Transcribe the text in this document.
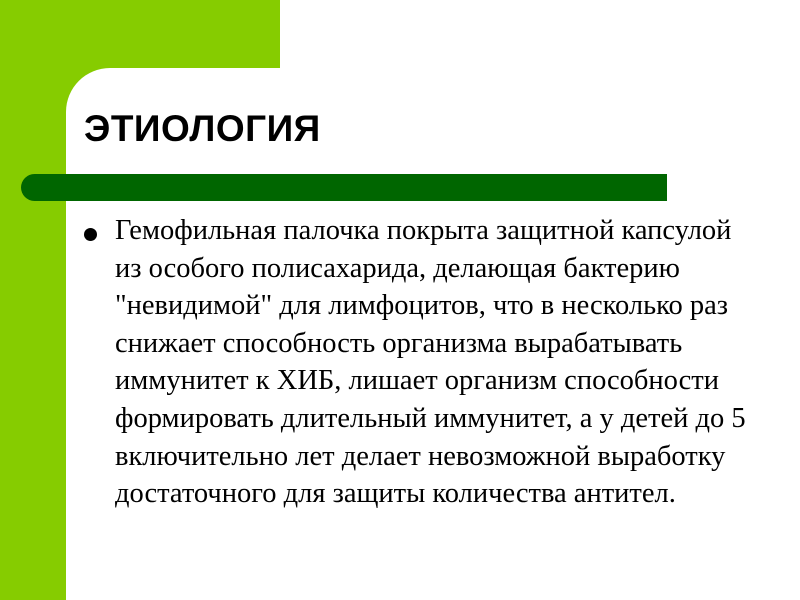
ЭТИОЛОГИЯ
Гемофильная палочка покрыта защитной капсулой из особого полисахарида, делающая бактерию "невидимой" для лимфоцитов, что в несколько раз снижает способность организма вырабатывать иммунитет к ХИБ, лишает организм способности формировать длительный иммунитет, а у детей до 5 включительно лет делает невозможной выработку достаточного для защиты количества антител.
